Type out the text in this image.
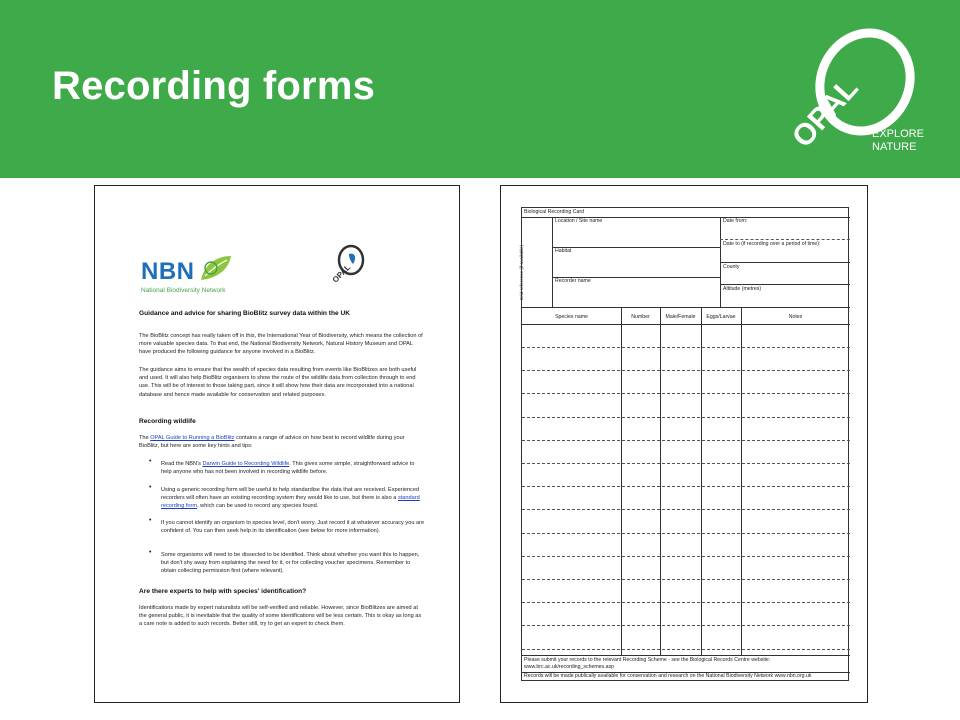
Recording forms	OPAL EXPLORE
NATURE
NBN
National Biodiversity Network
OPAL
Guidance and advice for sharing BioBlitz survey data within the UK
The BioBlitz concept has really taken off in this, the International Year of Biodiversity, which means the collection of more valuable species data. To that end, the National Biodiversity Network, Natural History Museum and OPAL have produced the following guidance for anyone involved in a BioBlitz.
The guidance aims to ensure that the wealth of species data resulting from events like BioBlitzes are both useful and used. It will also help BioBlitz organisers to show the route of the wildlife data from collection through to end use. This will be of interest to those taking part, since it will show how their data are incorporated into a national database and hence made available for conservation and related purposes.
Recording wildlife
The OPAL Guide to Running a BioBlitz contains a range of advice on how best to record wildlife during your BioBlitz, but here are some key hints and tips:
• Read the NBN's Darwin Guide to Recording Wildlife. This gives some simple, straightforward advice to help anyone who has not been involved in recording wildlife before.
• Using a generic recording form will be useful to help standardise the data that are received. Experienced recorders will often have an existing recording system they would like to use, but there is also a standard recording form, which can be used to record any species found.
• If you cannot identify an organism to species level, don't worry. Just record it at whatever accuracy you are confident of. You can then seek help in its identification (see below for more information).
• Some organisms will need to be dissected to be identified. Think about whether you want this to happen, but don't shy away from explaining the need for it, or for collecting voucher specimens. Remember to obtain collecting permission first (where relevant).
Are there experts to help with species' identification?
Identifications made by expert naturalists will be self-verified and reliable. However, since BioBlitzes are aimed at the general public, it is inevitable that the quality of some identifications will be less certain. This is okay as long as a care note is added to such records. Better still, try to get an expert to check them.
Biological Recording Card
Grid reference (if available)
Location / Site name	Date from:
Date to (if recording over a period of time):
Habitat
County
Recorder name
Altitude (metres)
Species name	Number	Male/Female	Eggs/Larvae	Notes
Please submit your records to the relevant Recording Scheme - see the Biological Records Centre website:
www.brc.ac.uk/recording_schemes.asp
Records will be made publically available for conservation and research on the National Biodiversity Network www.nbn.org.uk
